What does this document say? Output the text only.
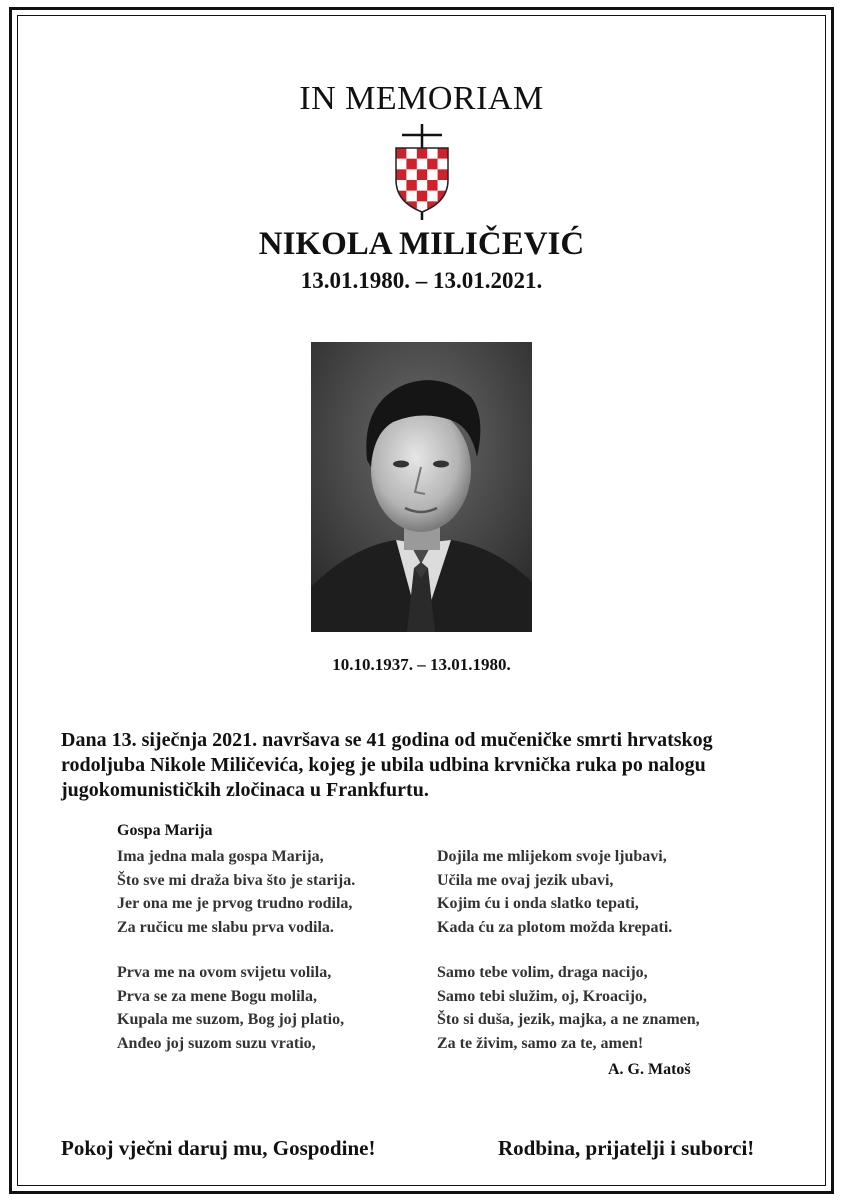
IN MEMORIAM
NIKOLA MILIČEVIĆ
13.01.1980. – 13.01.2021.
10.10.1937. – 13.01.1980.
Dana 13. siječnja 2021. navršava se 41 godina od mučeničke smrti hrvatskog
rodoljuba Nikole Miličevića, kojeg je ubila udbina krvnička ruka po nalogu
jugokomunističkih zločinaca u Frankfurtu.
Gospa Marija
Ima jedna mala gospa Marija,
Što sve mi draža biva što je starija.
Jer ona me je prvog trudno rodila,
Za ručicu me slabu prva vodila.
Prva me na ovom svijetu volila,
Prva se za mene Bogu molila,
Kupala me suzom, Bog joj platio,
Anđeo joj suzom suzu vratio,
Dojila me mlijekom svoje ljubavi,
Učila me ovaj jezik ubavi,
Kojim ću i onda slatko tepati,
Kada ću za plotom možda krepati.
Samo tebe volim, draga nacijo,
Samo tebi služim, oj, Kroacijo,
Što si duša, jezik, majka, a ne znamen,
Za te živim, samo za te, amen!
A. G. Matoš
Pokoj vječni daruj mu, Gospodine!	Rodbina, prijatelji i suborci!
